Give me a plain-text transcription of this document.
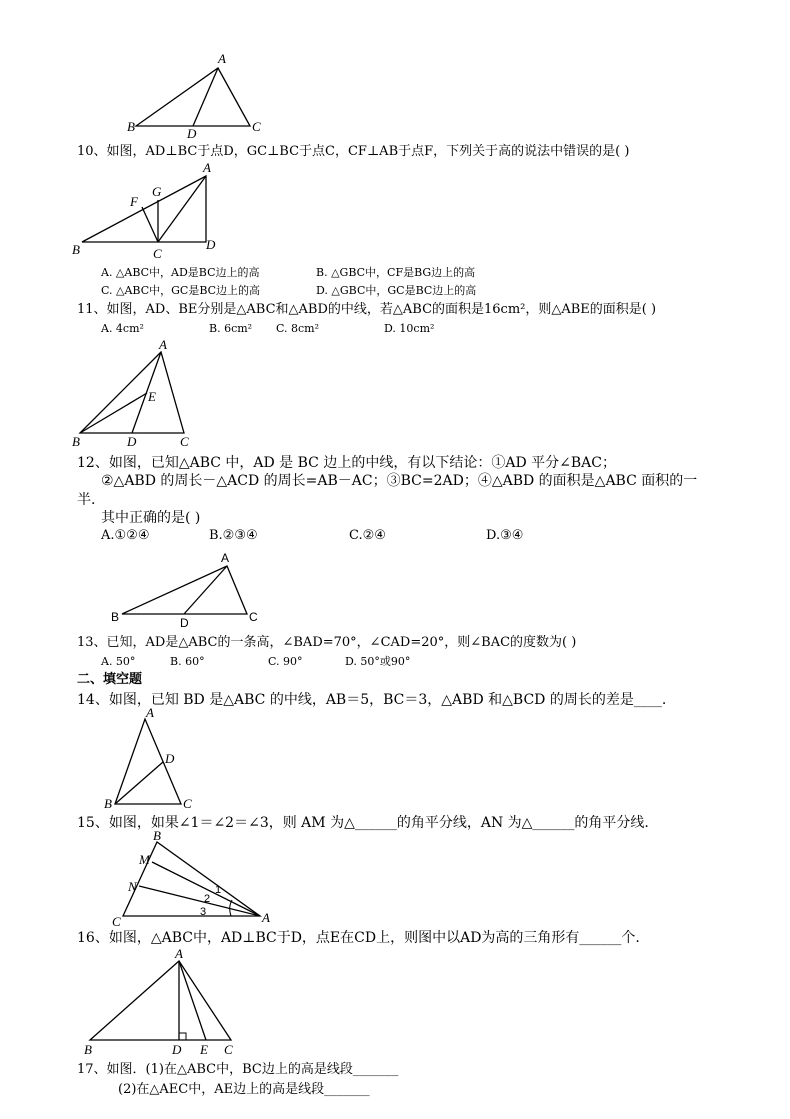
A
B	D	C
A
G
F
B	C
D
A
E
B	D	C
A
B	D	C
A
D
B	C
B
M
N
C	A
1
2
3
A
B	D E C
10、如图，AD⊥BC于点D，GC⊥BC于点C，CF⊥AB于点F，下列关于高的说法中错误的是( )
A. △ABC中，AD是BC边上的高	B. △GBC中，CF是BG边上的高
C. △ABC中，GC是BC边上的高	D. △GBC中，GC是BC边上的高
11、如图，AD、BE分别是△ABC和△ABD的中线，若△ABC的面积是16cm²，则△ABE的面积是( )
A. 4cm²	B. 6cm² C. 8cm²	D. 10cm²
12、如图，已知△ABC 中，AD 是 BC 边上的中线，有以下结论：①AD 平分∠BAC；
②△ABD 的周长－△ACD 的周长=AB－AC；③BC=2AD；④△ABD 的面积是△ABC 面积的一
半.
其中正确的是( )
A.①②④	B.②③④	C.②④	D.③④
13、已知，AD是△ABC的一条高，∠BAD=70°，∠CAD=20°，则∠BAC的度数为( )
A. 50°	B. 60°	C. 90°	D. 50°或90°
二、填空题
14、如图，已知 BD 是△ABC 的中线，AB＝5，BC＝3，△ABD 和△BCD 的周长的差是____.
15、如图，如果∠1＝∠2＝∠3，则 AM 为△______的角平分线，AN 为△______的角平分线.
16、如图，△ABC中，AD⊥BC于D，点E在CD上，则图中以AD为高的三角形有______个.
17、如图．(1)在△ABC中，BC边上的高是线段_______
(2)在△AEC中，AE边上的高是线段_______
